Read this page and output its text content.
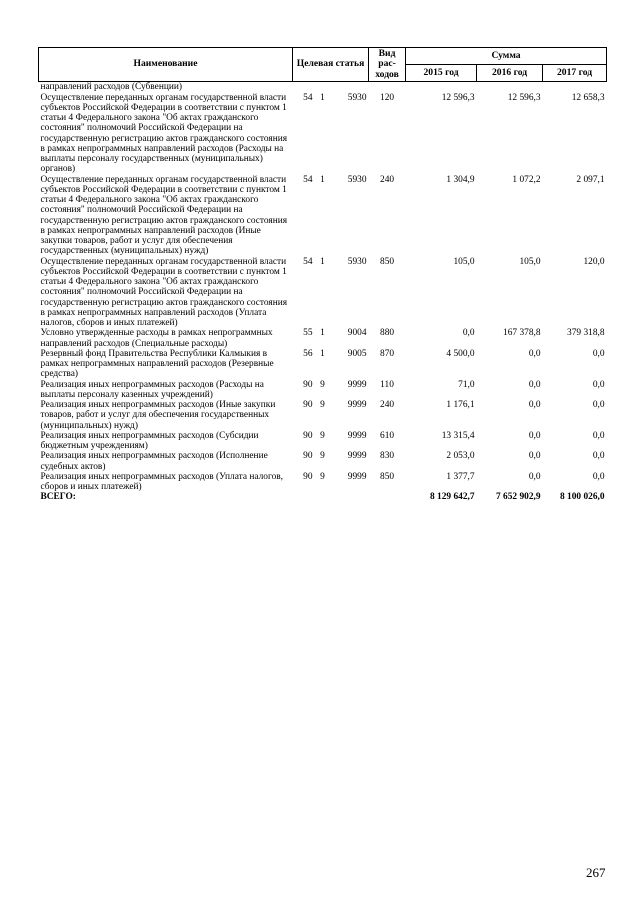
Наименование	Целевая статья			Вид рас-ходов	Сумма		
					2015 год	2016 год	2017 год
направлений расходов (Субвенции)							
Осуществление переданных органам государственной власти субъектов Российской Федерации в соответствии с пунктом 1 статьи 4 Федерального закона "Об актах гражданского состояния" полномочий Российской Федерации на государственную регистрацию актов гражданского состояния в рамках непрограммных направлений расходов (Расходы на выплаты персоналу государственных (муниципальных) органов)	54	1	5930	120	12 596,3	12 596,3	12 658,3
Осуществление переданных органам государственной власти субъектов Российской Федерации в соответствии с пунктом 1 статьи 4 Федерального закона "Об актах гражданского состояния" полномочий Российской Федерации на государственную регистрацию актов гражданского состояния в рамках непрограммных направлений расходов (Иные закупки товаров, работ и услуг для обеспечения государственных (муниципальных) нужд)	54	1	5930	240	1 304,9	1 072,2	2 097,1
Осуществление переданных органам государственной власти субъектов Российской Федерации в соответствии с пунктом 1 статьи 4 Федерального закона "Об актах гражданского состояния" полномочий Российской Федерации на государственную регистрацию актов гражданского состояния в рамках непрограммных направлений расходов (Уплата налогов, сборов и иных платежей)	54	1	5930	850	105,0	105,0	120,0
Условно утвержденные расходы в рамках непрограммных направлений расходов (Специальные расходы)	55	1	9004	880	0,0	167 378,8	379 318,8
Резервный фонд Правительства Республики Калмыкия в рамках непрограммных направлений расходов (Резервные средства)	56	1	9005	870	4 500,0	0,0	0,0
Реализация иных непрограммных расходов (Расходы на выплаты персоналу казенных учреждений)	90	9	9999	110	71,0	0,0	0,0
Реализация иных непрограммных расходов (Иные закупки товаров, работ и услуг для обеспечения государственных (муниципальных) нужд)	90	9	9999	240	1 176,1	0,0	0,0
Реализация иных непрограммных расходов (Субсидии бюджетным учреждениям)	90	9	9999	610	13 315,4	0,0	0,0
Реализация иных непрограммных расходов (Исполнение судебных актов)	90	9	9999	830	2 053,0	0,0	0,0
Реализация иных непрограммных расходов (Уплата налогов, сборов и иных платежей)	90	9	9999	850	1 377,7	0,0	0,0
ВСЕГО:					8 129 642,7	7 652 902,9	8 100 026,0
267
